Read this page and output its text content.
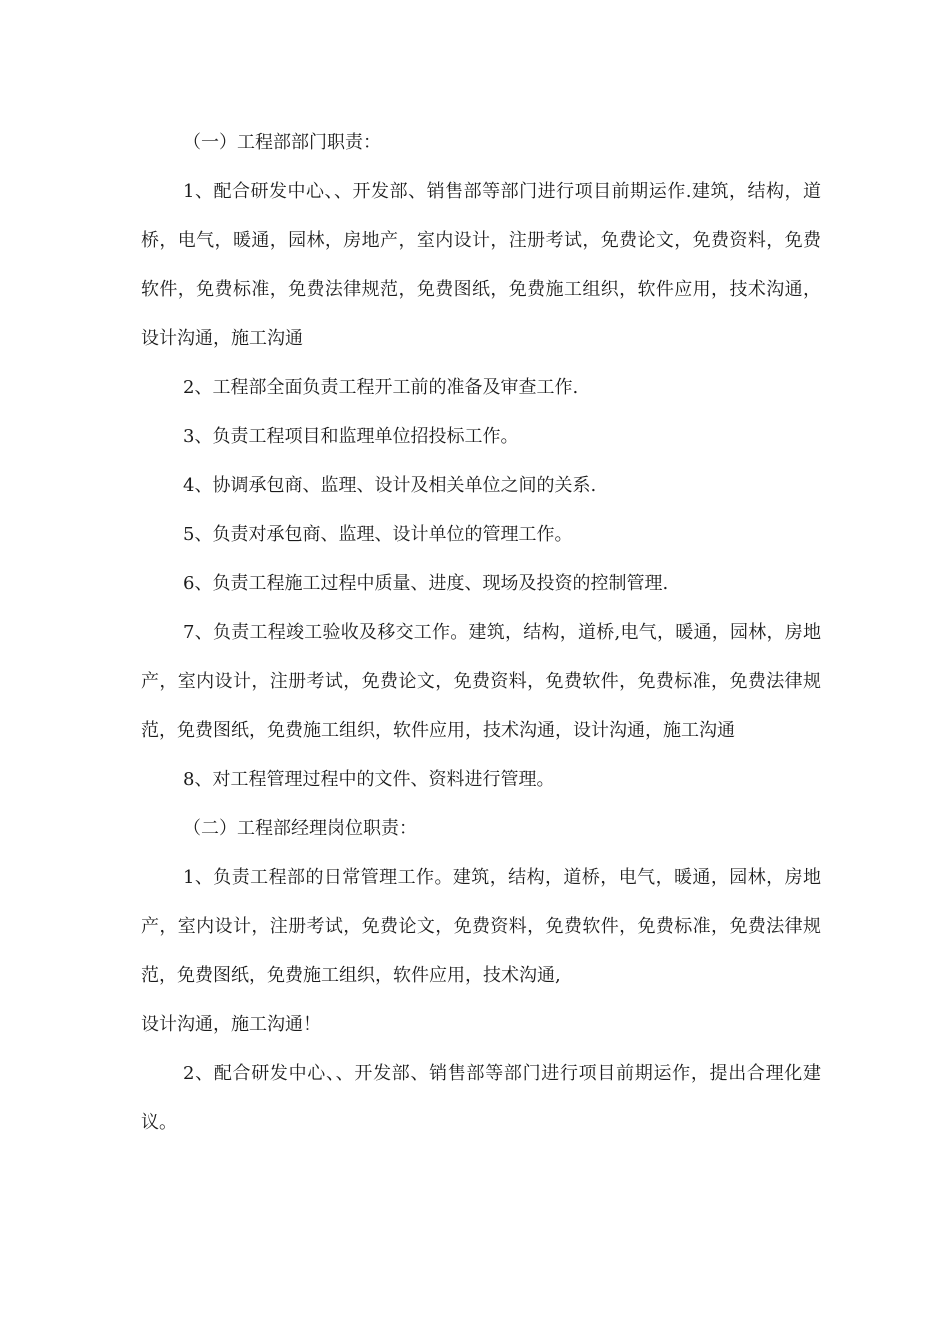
（一）工程部部门职责：

1、配合研发中心、、开发部、销售部等部门进行项目前期运作.建筑，结构，道桥，电气，暖通，园林，房地产，室内设计，注册考试，免费论文，免费资料，免费软件，免费标准，免费法律规范，免费图纸，免费施工组织，软件应用，技术沟通，设计沟通，施工沟通

2、工程部全面负责工程开工前的准备及审查工作.

3、负责工程项目和监理单位招投标工作。

4、协调承包商、监理、设计及相关单位之间的关系.

5、负责对承包商、监理、设计单位的管理工作。

6、负责工程施工过程中质量、进度、现场及投资的控制管理.

7、负责工程竣工验收及移交工作。建筑，结构，道桥,电气，暖通，园林，房地产，室内设计，注册考试，免费论文，免费资料，免费软件，免费标准，免费法律规范，免费图纸，免费施工组织，软件应用，技术沟通，设计沟通，施工沟通

8、对工程管理过程中的文件、资料进行管理。

（二）工程部经理岗位职责：

1、负责工程部的日常管理工作。建筑，结构，道桥，电气，暖通，园林，房地产，室内设计，注册考试，免费论文，免费资料，免费软件，免费标准，免费法律规范，免费图纸，免费施工组织，软件应用，技术沟通,

设计沟通，施工沟通！

2、配合研发中心、、开发部、销售部等部门进行项目前期运作，提出合理化建议。
